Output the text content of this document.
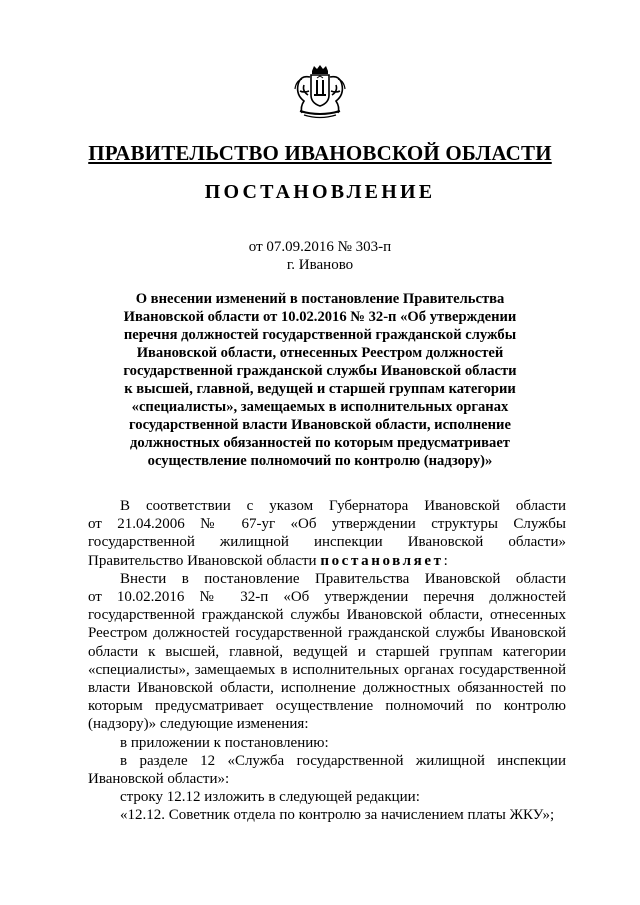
ПРАВИТЕЛЬСТВО ИВАНОВСКОЙ ОБЛАСТИ
ПОСТАНОВЛЕНИЕ
от 07.09.2016 № 303-п
г. Иваново
О внесении изменений в постановление Правительства
Ивановской области от 10.02.2016 № 32-п «Об утверждении
перечня должностей государственной гражданской службы
Ивановской области, отнесенных Реестром должностей
государственной гражданской службы Ивановской области
к высшей, главной, ведущей и старшей группам категории
«специалисты», замещаемых в исполнительных органах
государственной власти Ивановской области, исполнение
должностных обязанностей по которым предусматривает
осуществление полномочий по контролю (надзору)»
В соответствии с указом Губернатора Ивановской области
от 21.04.2006 № 67-уг «Об утверждении структуры Службы
государственной жилищной инспекции Ивановской области»
Правительство Ивановской области постановляет:
Внести в постановление Правительства Ивановской области
от 10.02.2016 № 32-п «Об утверждении перечня должностей
государственной гражданской службы Ивановской области, отнесенных
Реестром должностей государственной гражданской службы Ивановской
области к высшей, главной, ведущей и старшей группам категории
«специалисты», замещаемых в исполнительных органах государственной
власти Ивановской области, исполнение должностных обязанностей по
которым предусматривает осуществление полномочий по контролю
(надзору)» следующие изменения:
в приложении к постановлению:
в разделе 12 «Служба государственной жилищной инспекции
Ивановской области»:
строку 12.12 изложить в следующей редакции:
«12.12. Советник отдела по контролю за начислением платы ЖКУ»;
